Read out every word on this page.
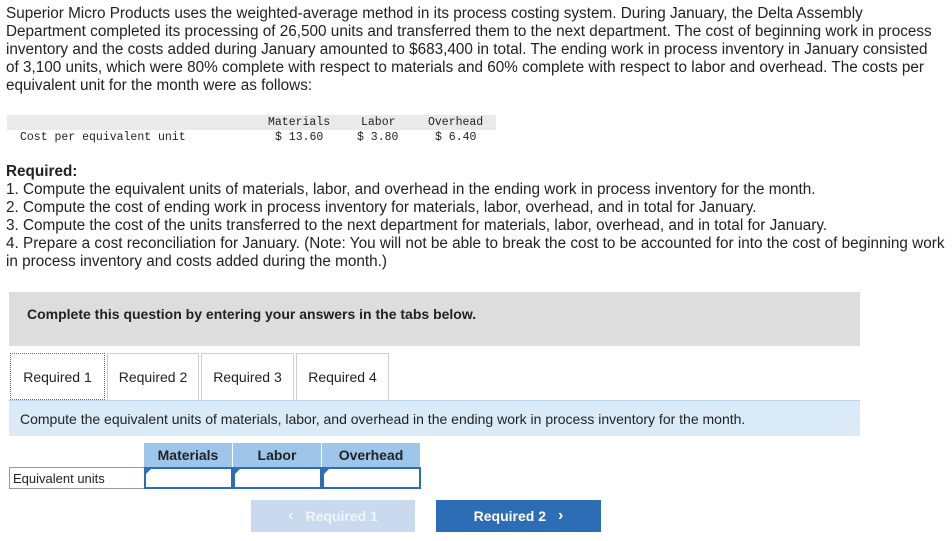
Superior Micro Products uses the weighted-average method in its process costing system. During January, the Delta Assembly Department completed its processing of 26,500 units and transferred them to the next department. The cost of beginning work in process inventory and the costs added during January amounted to $683,400 in total. The ending work in process inventory in January consisted of 3,100 units, which were 80% complete with respect to materials and 60% complete with respect to labor and overhead. The costs per equivalent unit for the month were as follows:
Materials	Labor	Overhead
Cost per equivalent unit	$ 13.60	$ 3.80	$ 6.40
Required:
1. Compute the equivalent units of materials, labor, and overhead in the ending work in process inventory for the month.
2. Compute the cost of ending work in process inventory for materials, labor, overhead, and in total for January.
3. Compute the cost of the units transferred to the next department for materials, labor, overhead, and in total for January.
4. Prepare a cost reconciliation for January. (Note: You will not be able to break the cost to be accounted for into the cost of beginning work in process inventory and costs added during the month.)
Complete this question by entering your answers in the tabs below.
Required 1	Required 2	Required 3	Required 4
Compute the equivalent units of materials, labor, and overhead in the ending work in process inventory for the month.
Materials	Labor	Overhead
Equivalent units
‹ Required 1	Required 2 ›
